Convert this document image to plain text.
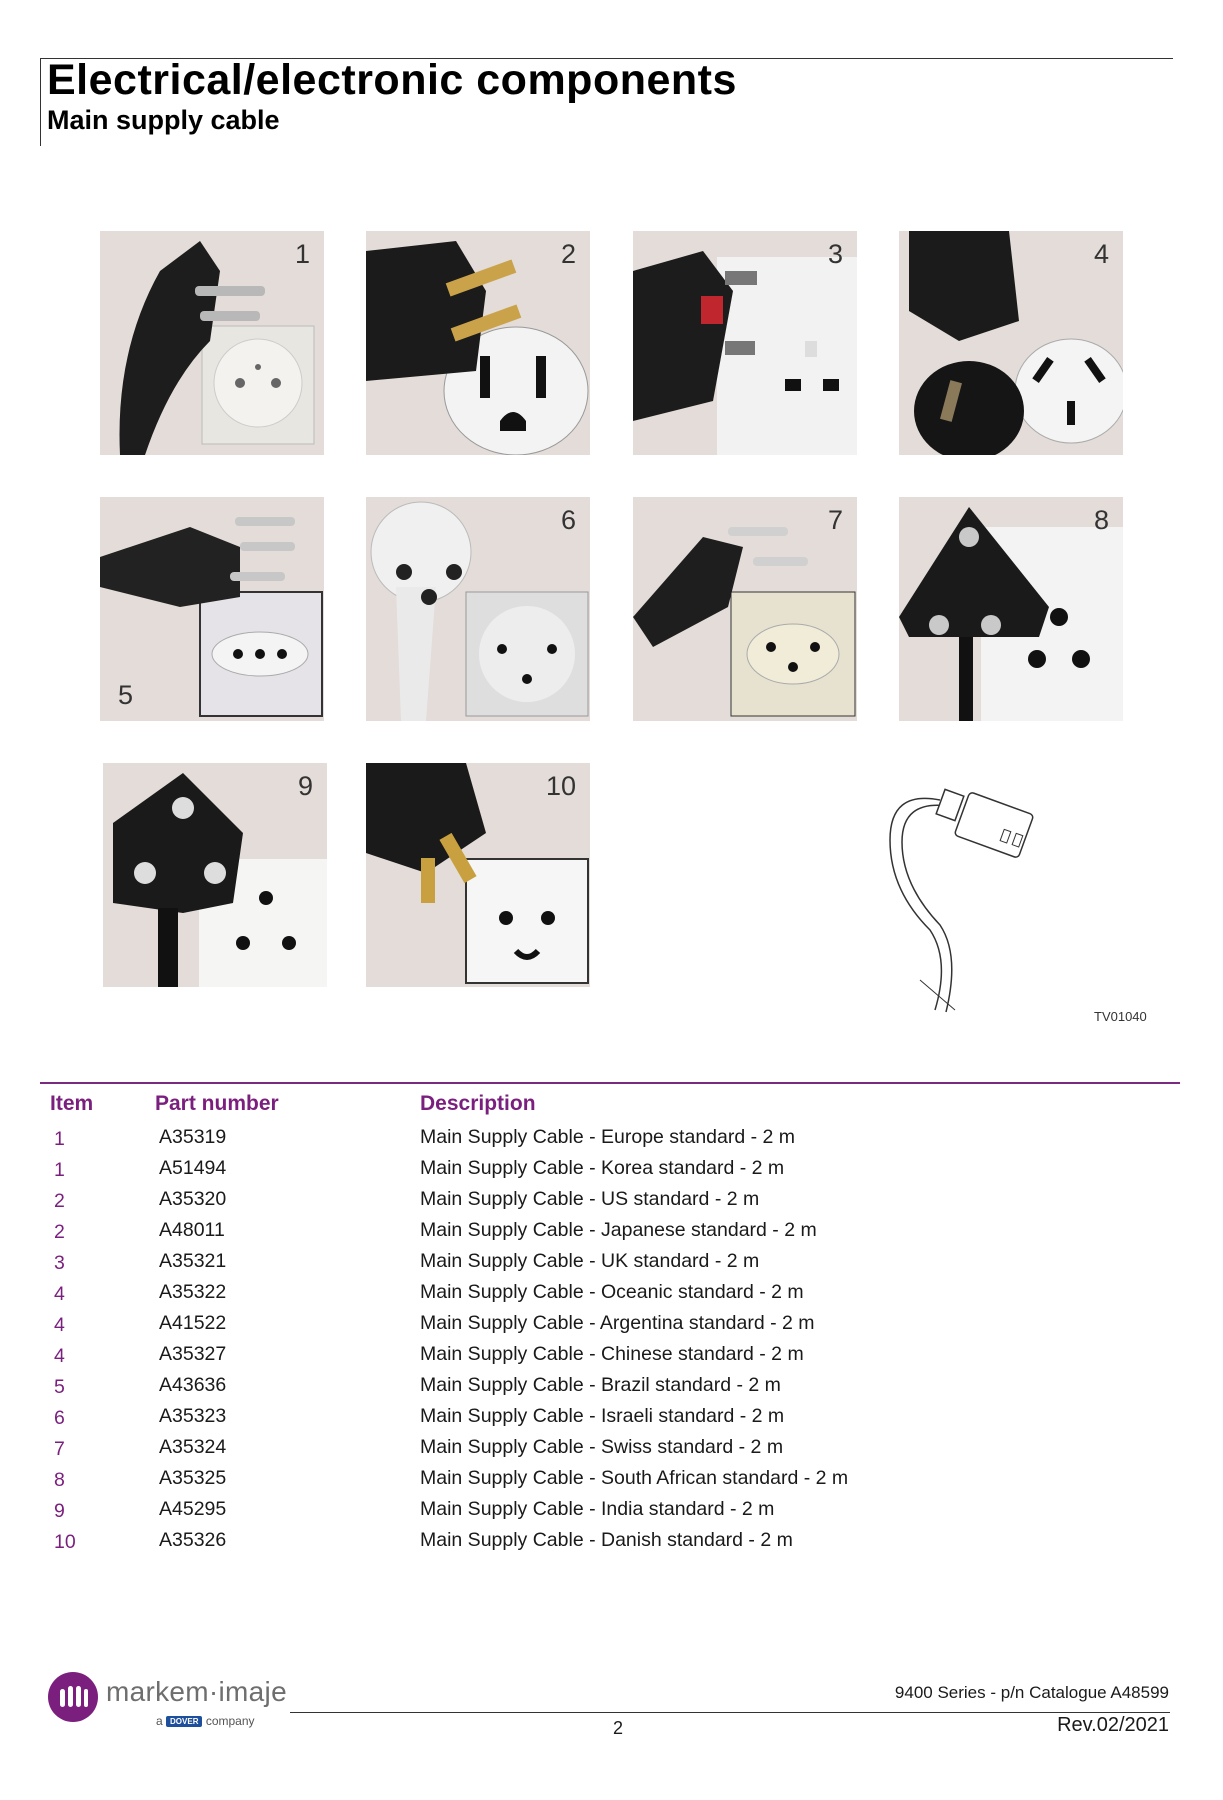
Electrical/electronic components
Main supply cable
1	2	3	4
5
6	7	8
9	10
TV01040
Item	Part number	Description
1	A35319	Main Supply Cable - Europe standard - 2 m
1	A51494	Main Supply Cable - Korea standard - 2 m
2	A35320	Main Supply Cable - US standard - 2 m
2	A48011	Main Supply Cable - Japanese standard - 2 m
3	A35321	Main Supply Cable - UK standard - 2 m
4	A35322	Main Supply Cable - Oceanic standard - 2 m
4	A41522	Main Supply Cable - Argentina standard - 2 m
4	A35327	Main Supply Cable - Chinese standard - 2 m
5	A43636	Main Supply Cable - Brazil standard - 2 m
6	A35323	Main Supply Cable - Israeli standard - 2 m
7	A35324	Main Supply Cable - Swiss standard - 2 m
8	A35325	Main Supply Cable - South African standard - 2 m
9	A45295	Main Supply Cable - India standard - 2 m
10	A35326	Main Supply Cable - Danish standard - 2 m
markem·imaje
a DOVER company
9400 Series - p/n Catalogue A48599
2	Rev.02/2021
